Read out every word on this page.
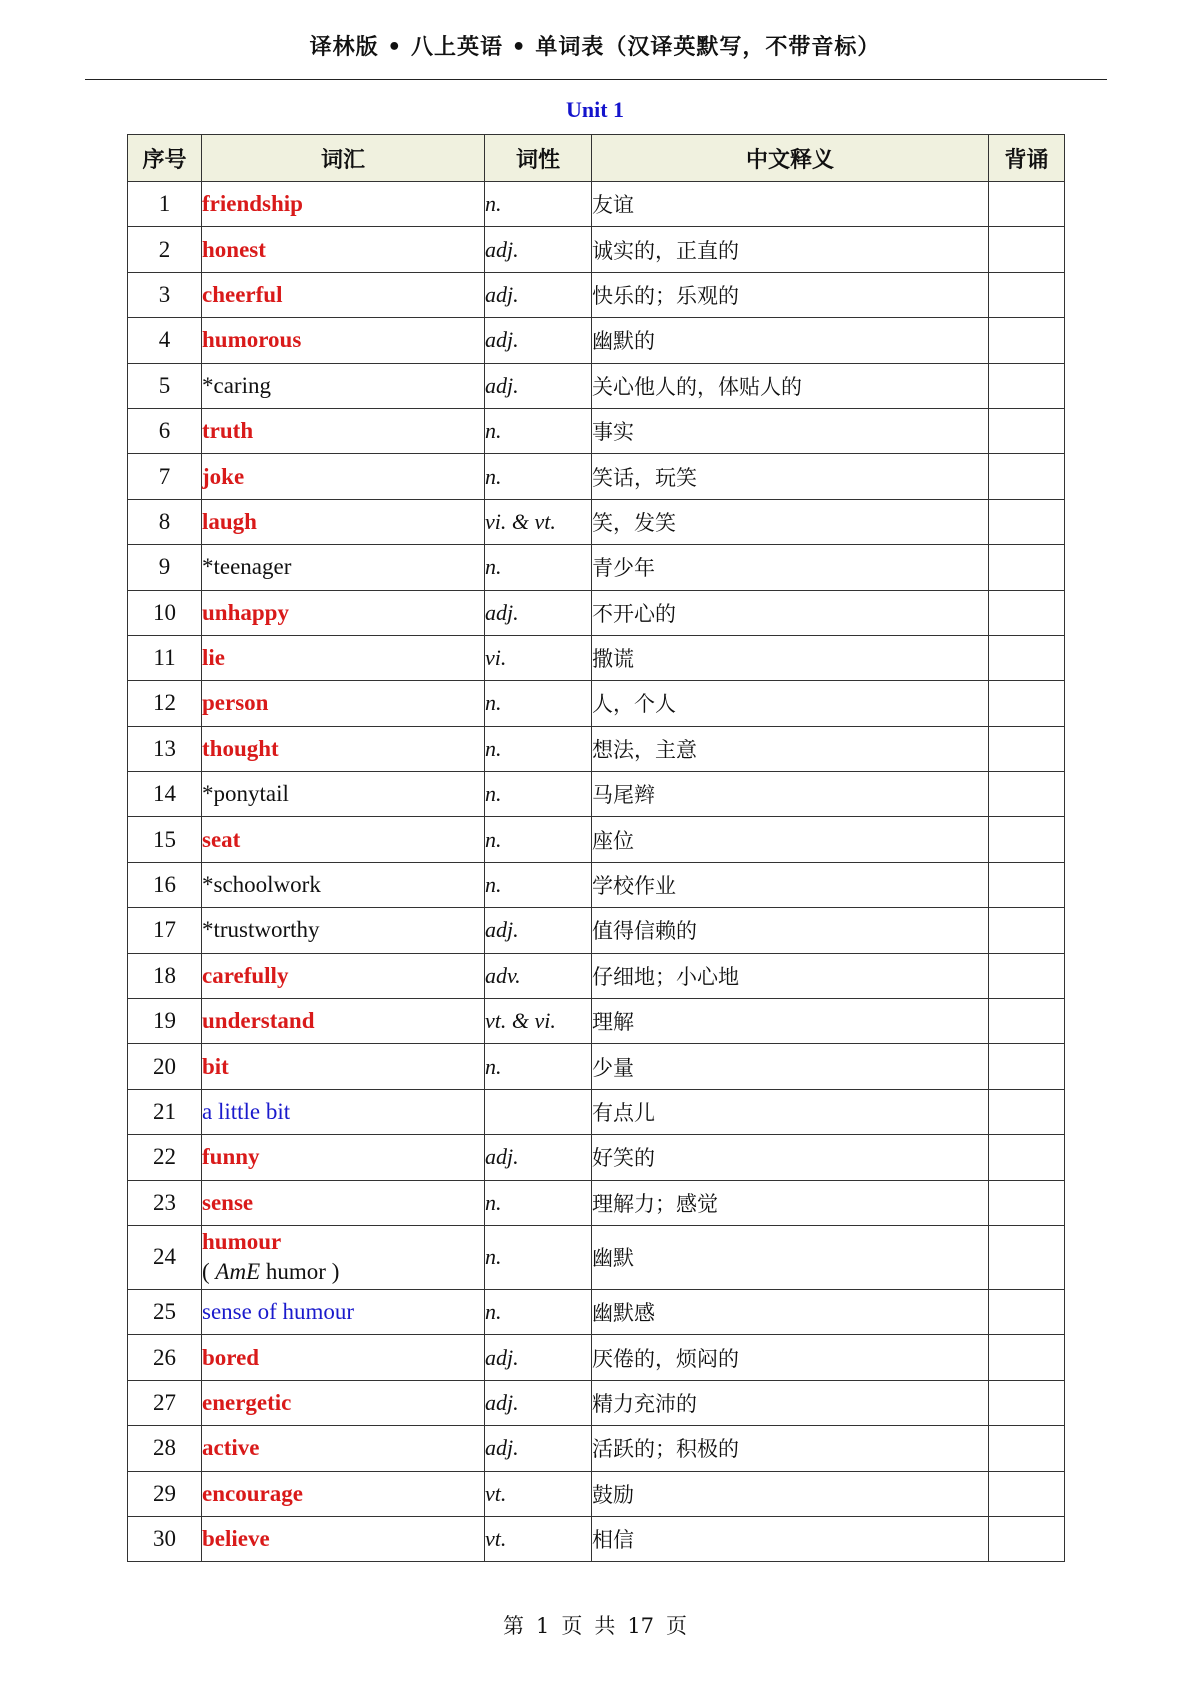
译林版 • 八上英语 • 单词表（汉译英默写，不带音标）
Unit 1
序号	词汇	词性	中文释义	背诵
1	friendship	n.	友谊	
2	honest	adj.	诚实的，正直的	
3	cheerful	adj.	快乐的；乐观的	
4	humorous	adj.	幽默的	
5	*caring	adj.	关心他人的，体贴人的	
6	truth	n.	事实	
7	joke	n.	笑话，玩笑	
8	laugh	vi. & vt.	笑，发笑	
9	*teenager	n.	青少年	
10	unhappy	adj.	不开心的	
11	lie	vi.	撒谎	
12	person	n.	人，个人	
13	thought	n.	想法，主意	
14	*ponytail	n.	马尾辫	
15	seat	n.	座位	
16	*schoolwork	n.	学校作业	
17	*trustworthy	adj.	值得信赖的	
18	carefully	adv.	仔细地；小心地	
19	understand	vt. & vi.	理解	
20	bit	n.	少量	
21	a little bit		有点儿	
22	funny	adj.	好笑的	
23	sense	n.	理解力；感觉	
24	humour
( AmE humor )	n.	幽默	
25	sense of humour	n.	幽默感	
26	bored	adj.	厌倦的，烦闷的	
27	energetic	adj.	精力充沛的	
28	active	adj.	活跃的；积极的	
29	encourage	vt.	鼓励	
30	believe	vt.	相信	
第 1 页 共 17 页
